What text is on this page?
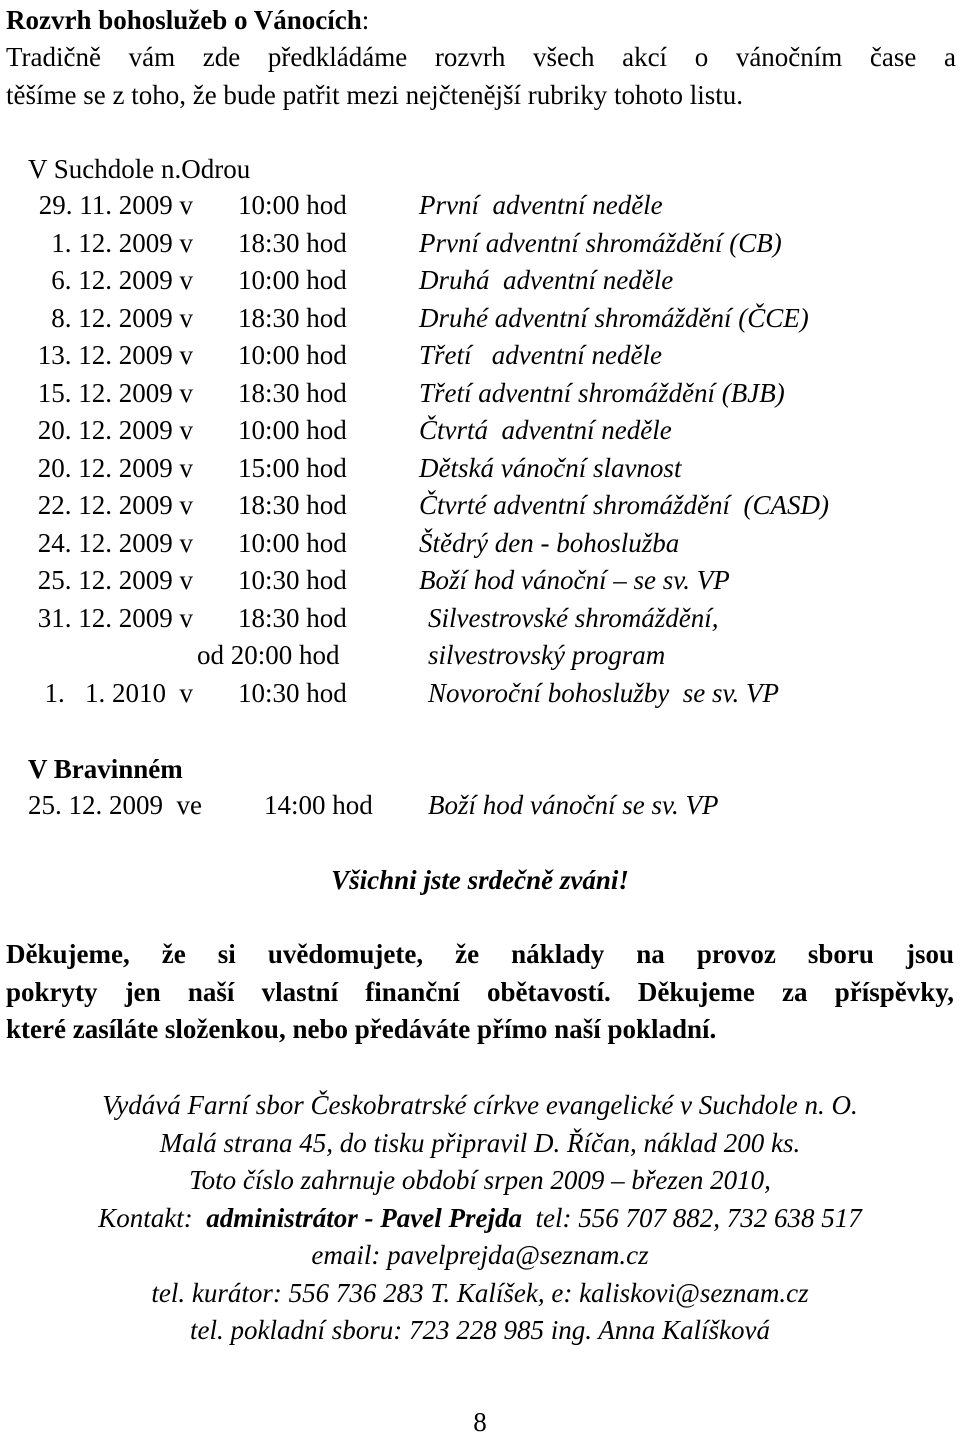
Rozvrh bohoslužeb o Vánocích:
Tradičně vám zde předkládáme rozvrh všech akcí o vánočním čase a
těšíme se z toho, že bude patřit mezi nejčtenější rubriky tohoto listu.
V Suchdole n.Odrou
29. 11. 2009 v 10:00 hod	První  adventní neděle
1. 12. 2009 v 18:30 hod	První adventní shromáždění (CB)
6. 12. 2009 v 10:00 hod	Druhá  adventní neděle
8. 12. 2009 v 18:30 hod	Druhé adventní shromáždění (ČCE)
13. 12. 2009 v 10:00 hod	Třetí   adventní neděle
15. 12. 2009 v 18:30 hod	Třetí adventní shromáždění (BJB)
20. 12. 2009 v 10:00 hod	Čtvrtá  adventní neděle
20. 12. 2009 v 15:00 hod	Dětská vánoční slavnost
22. 12. 2009 v 18:30 hod	Čtvrté adventní shromáždění  (CASD)
24. 12. 2009 v 10:00 hod	Štědrý den - bohoslužba
25. 12. 2009 v 10:30 hod	Boží hod vánoční – se sv. VP
31. 12. 2009 v 18:30 hod	Silvestrovské shromáždění,
od 20:00 hod	silvestrovský program
1.   1. 2010  v 10:30 hod	Novoroční bohoslužby  se sv. VP
V Bravinném
25. 12. 2009  ve 14:00 hod Boží hod vánoční se sv. VP
Všichni jste srdečně zváni!
Děkujeme, že si uvědomujete, že náklady na provoz sboru jsou
pokryty jen naší vlastní finanční obětavostí. Děkujeme za příspěvky,
které zasíláte složenkou, nebo předáváte přímo naší pokladní.
Vydává Farní sbor Českobratrské církve evangelické v Suchdole n. O.
Malá strana 45, do tisku připravil D. Říčan, náklad 200 ks.
Toto číslo zahrnuje období srpen 2009 – březen 2010,
Kontakt: administrátor - Pavel Prejda tel: 556 707 882, 732 638 517
email: pavelprejda@seznam.cz
tel. kurátor: 556 736 283 T. Kalíšek, e: kaliskovi@seznam.cz
tel. pokladní sboru: 723 228 985 ing. Anna Kalíšková
8
